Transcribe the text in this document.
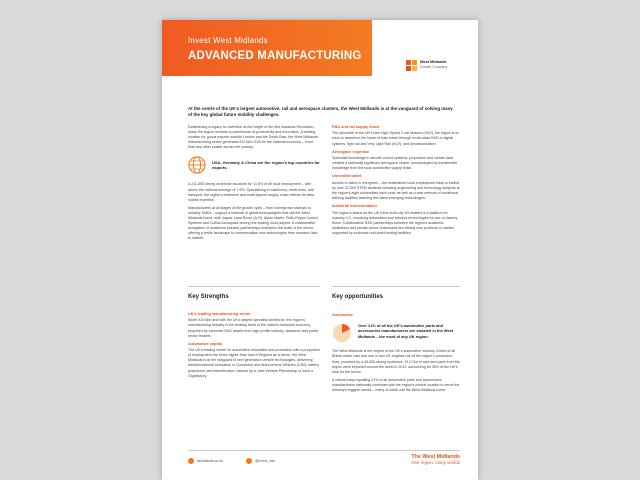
Invest West Midlands
ADVANCED MANUFACTURING	West Midlands
Growth Company
At the centre of the UK's largest automotive, rail and aerospace clusters, the West Midlands is at the vanguard of solving many of the key global future mobility challenges.

Establishing a legacy for invention at the height of the first Industrial Revolution, today the region remains a powerhouse of productivity and innovation. A leading location for goods exports outside London and the South East, the West Midlands' manufacturing sector generates £10.6bn GVA for the national economy – more than any other cluster across the country.

USA, Germany & China are the region's top countries for exports.

A 211,800-strong workforce accounts for 11.5% of all local employment – well above the national average of 7.9%. Specialising in machinery, electronics, and transport, the region's extensive and multi-layered supply chain reflects its deep rooted expertise.

Manufacturers at all stages of the growth cycle – from homegrown startups to industry SMEs – support a network of global heavyweights that call the West Midlands home, with Jaguar Land Rover (JLR), Aston Martin, Rolls-Royce Control Systems and Collins Aerospace among the leading local players. A collaborative ecosystem of academic-industry partnerships underpins the scale of the sector, offering a fertile landscape to commercialise new technologies from research labs to market.

R&D and rail supply chain

The epicentre of the UK's new High-Speed 2 rail network (HS2), the region is on track to transform the future of train travel through world-class R&D in digital systems, light rail and Very Light Rail (VLR), and decarbonisation.

Aerospace expertise

Specialist knowledge in aircraft control systems, propulsion and metals have created a nationally significant aerospace cluster, turbocharged by transferable knowledge from the local automotive supply chain.

Unrivalled talent

Access to talent is evergreen – the established local employment base is fuelled by over 32,500 STEM students following engineering and technology subjects at the region's eight universities each year, as well as a vast network of vocational training facilities teaching the latest emerging technologies.

Industrial transformation

The region's status as the UK's first multi-city 5G testbed is a platform for Industry 4.0, unlocking automation and robotics technologies for use on factory floors. Collaborative R&D partnerships between the region's academic institutions and private sector businesses are driving new products to market, supported by exclusive real-world testing facilities.

Key Strengths	Key opportunities
UK's leading manufacturing sector

Worth £10.6bn and with the UK's largest specialist workforce, the region's manufacturing industry is the beating heart of the nation's industrial economy, propelled by exclusive R&D assets from high-profile industry, academic and public sector leaders.

Automotive capital

The UK's leading centre for automotive innovation and production with a proportion of employment five times higher than that of England as a whole, the West Midlands is at the vanguard of next generation vehicle technologies, delivering transformational innovation in Connected and Autonomous Vehicles (CAV); battery propulsion; and electrification, backed by a Joint Venture Partnership to build a Gigafactory.

Automotive
Over 21% of all the UK's automotive parts and accessories manufacturers are situated in the West Midlands – the most of any UK region.

The West Midlands is the engine of the UK's automotive industry. A third of all British-made cars and one in four UK engines roll off the region's production lines, powered by a 46,500-strong workforce. £13.7bn of cars and parts from the region were exported around the world in 2019, accounting for 36% of the UK's total for the sector.

A critical mass equalling 21% of all automotive parts and accessories manufacturers nationally combines with the region's central location to serve the industry's biggest names – many of which call the West Midlands home.

iwmidlands.co.uk	@invest_iwm
The West Midlands
One region, many worlds
